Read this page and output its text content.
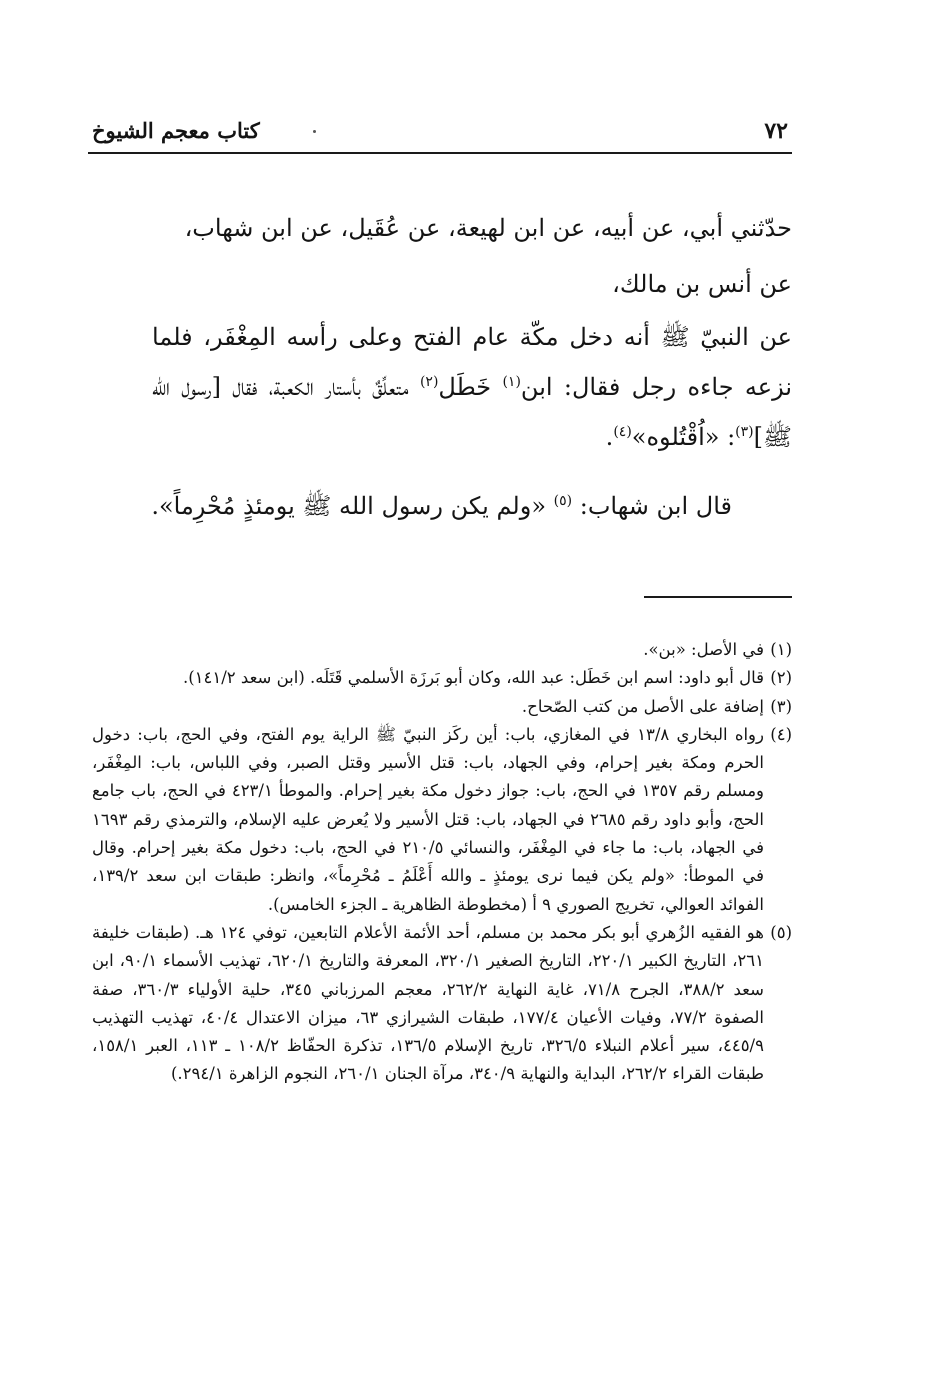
٧٢
كتاب معجم الشيوخ

حدّثني أبي، عن أبيه، عن ابن لهيعة، عن عُقَيل، عن ابن شهاب،

عن أنس بن مالك،

عن النبيّ ﷺ أنه دخل مكّة عام الفتح وعلى رأسه المِغْفَر، فلما نزعه جاءه رجل فقال: ابن$^{(١)}$ خَطَل$^{(٢)}$ متعلِّقٌ بأستار الكعبة، فقال [رسول الله ﷺ]$^{(٣)}$: «اُقْتُلوه»$^{(٤)}$.

قال ابن شهاب: $^{(٥)}$ «ولم يكن رسول الله ﷺ يومئذٍ مُحْرِماً».

(١)
في الأصل: «بن».

(٢)
قال أبو داود: اسم ابن خَطَل: عبد الله، وكان أبو بَرزَة الأسلمي قَتَلَه. (ابن سعد ١٤١/٢).

(٣)
إضافة على الأصل من كتب الصّحاح.

(٤)
رواه البخاري ١٣/٨ في المغازي، باب: أين ركَز النبيّ ﷺ الراية يوم الفتح، وفي الحج، باب: دخول الحرم ومكة بغير إحرام، وفي الجهاد، باب: قتل الأسير وقتل الصبر، وفي اللباس، باب: المِغْفَر، ومسلم رقم ١٣٥٧ في الحج، باب: جواز دخول مكة بغير إحرام. والموطأ ٤٢٣/١ في الحج، باب جامع الحج، وأبو داود رقم ٢٦٨٥ في الجهاد، باب: قتل الأسير ولا يُعرض عليه الإسلام، والترمذي رقم ١٦٩٣ في الجهاد، باب: ما جاء في المِغْفَر، والنسائي ٢١٠/٥ في الحج، باب: دخول مكة بغير إحرام. وقال في الموطأ: «ولم يكن فيما نرى يومئذٍ ـ والله أَعْلَمُ ـ مُحْرِماً»، وانظر: طبقات ابن سعد ١٣٩/٢، الفوائد العوالي، تخريج الصوري ٩ أ (مخطوطة الظاهرية ـ الجزء الخامس).

(٥)
هو الفقيه الزُهري أبو بكر محمد بن مسلم، أحد الأئمة الأعلام التابعين، توفي ١٢٤ هـ. (طبقات خليفة ٢٦١، التاريخ الكبير ٢٢٠/١، التاريخ الصغير ٣٢٠/١، المعرفة والتاريخ ٦٢٠/١، تهذيب الأسماء ٩٠/١، ابن سعد ٣٨٨/٢، الجرح ٧١/٨، غاية النهاية ٢٦٢/٢، معجم المرزباني ٣٤٥، حلية الأولياء ٣٦٠/٣، صفة الصفوة ٧٧/٢، وفيات الأعيان ١٧٧/٤، طبقات الشيرازي ٦٣، ميزان الاعتدال ٤٠/٤، تهذيب التهذيب ٤٤٥/٩، سير أعلام النبلاء ٣٢٦/٥، تاريخ الإسلام ١٣٦/٥، تذكرة الحفّاظ ١٠٨/٢ ـ ١١٣، العبر ١٥٨/١، طبقات القراء ٢٦٢/٢، البداية والنهاية ٣٤٠/٩، مرآة الجنان ٢٦٠/١، النجوم الزاهرة ٢٩٤/١.)
